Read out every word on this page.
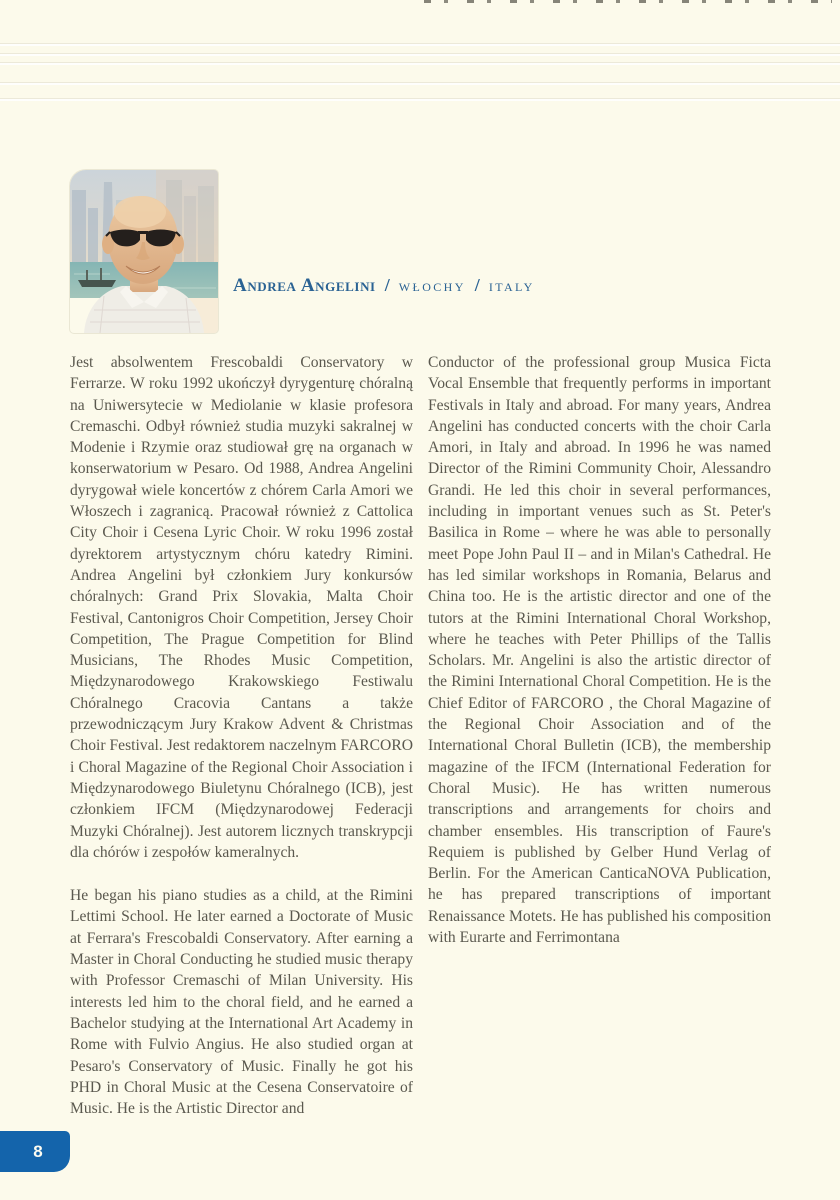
Andrea Angelini / włochy / italy

Jest absolwentem Frescobaldi Conservatory w Ferrarze. W roku 1992 ukończył dyrygenturę chóralną na Uniwersytecie w Mediolanie w klasie profesora Cremaschi. Odbył również studia muzyki sakralnej w Modenie i Rzymie oraz studiował grę na organach w konserwatorium w Pesaro. Od 1988, Andrea Angelini dyrygował wiele koncertów z chórem Carla Amori we Włoszech i zagranicą. Pracował również z Cattolica City Choir i Cesena Lyric Choir. W roku 1996 został dyrektorem artystycznym chóru katedry Rimini. Andrea Angelini był członkiem Jury konkursów chóralnych: Grand Prix Slovakia, Malta Choir Festival, Cantonigros Choir Competition, Jersey Choir Competition, The Prague Competition for Blind Musicians, The Rhodes Music Competition, Międzynarodowego Krakowskiego Festiwalu Chóralnego Cracovia Cantans a także przewodniczącym Jury Krakow Advent & Christmas Choir Festival. Jest redaktorem naczelnym FARCORO i Choral Magazine of the Regional Choir Association i Międzynarodowego Biuletynu Chóralnego (ICB), jest członkiem IFCM (Międzynarodowej Federacji Muzyki Chóralnej). Jest autorem licznych transkrypcji dla chórów i zespołów kameralnych.

He began his piano studies as a child, at the Rimini Lettimi School. He later earned a Doctorate of Music at Ferrara's Frescobaldi Conservatory. After earning a Master in Choral Conducting he studied music therapy with Professor Cremaschi of Milan University. His interests led him to the choral field, and he earned a Bachelor studying at the International Art Academy in Rome with Fulvio Angius. He also studied organ at Pesaro's Conservatory of Music. Finally he got his PHD in Choral Music at the Cesena Conservatoire of Music. He is the Artistic Director and

Conductor of the professional group Musica Ficta Vocal Ensemble that frequently performs in important Festivals in Italy and abroad. For many years, Andrea Angelini has conducted concerts with the choir Carla Amori, in Italy and abroad. In 1996 he was named Director of the Rimini Community Choir, Alessandro Grandi. He led this choir in several performances, including in important venues such as St. Peter's Basilica in Rome – where he was able to personally meet Pope John Paul II – and in Milan's Cathedral. He has led similar workshops in Romania, Belarus and China too. He is the artistic director and one of the tutors at the Rimini International Choral Workshop, where he teaches with Peter Phillips of the Tallis Scholars. Mr. Angelini is also the artistic director of the Rimini International Choral Competition. He is the Chief Editor of FARCORO , the Choral Magazine of the Regional Choir Association and of the International Choral Bulletin (ICB), the membership magazine of the IFCM (International Federation for Choral Music). He has written numerous transcriptions and arrangements for choirs and chamber ensembles. His transcription of Faure's Requiem is published by Gelber Hund Verlag of Berlin. For the American CanticaNOVA Publication, he has prepared transcriptions of important Renaissance Motets. He has published his composition with Eurarte and Ferrimontana

8
